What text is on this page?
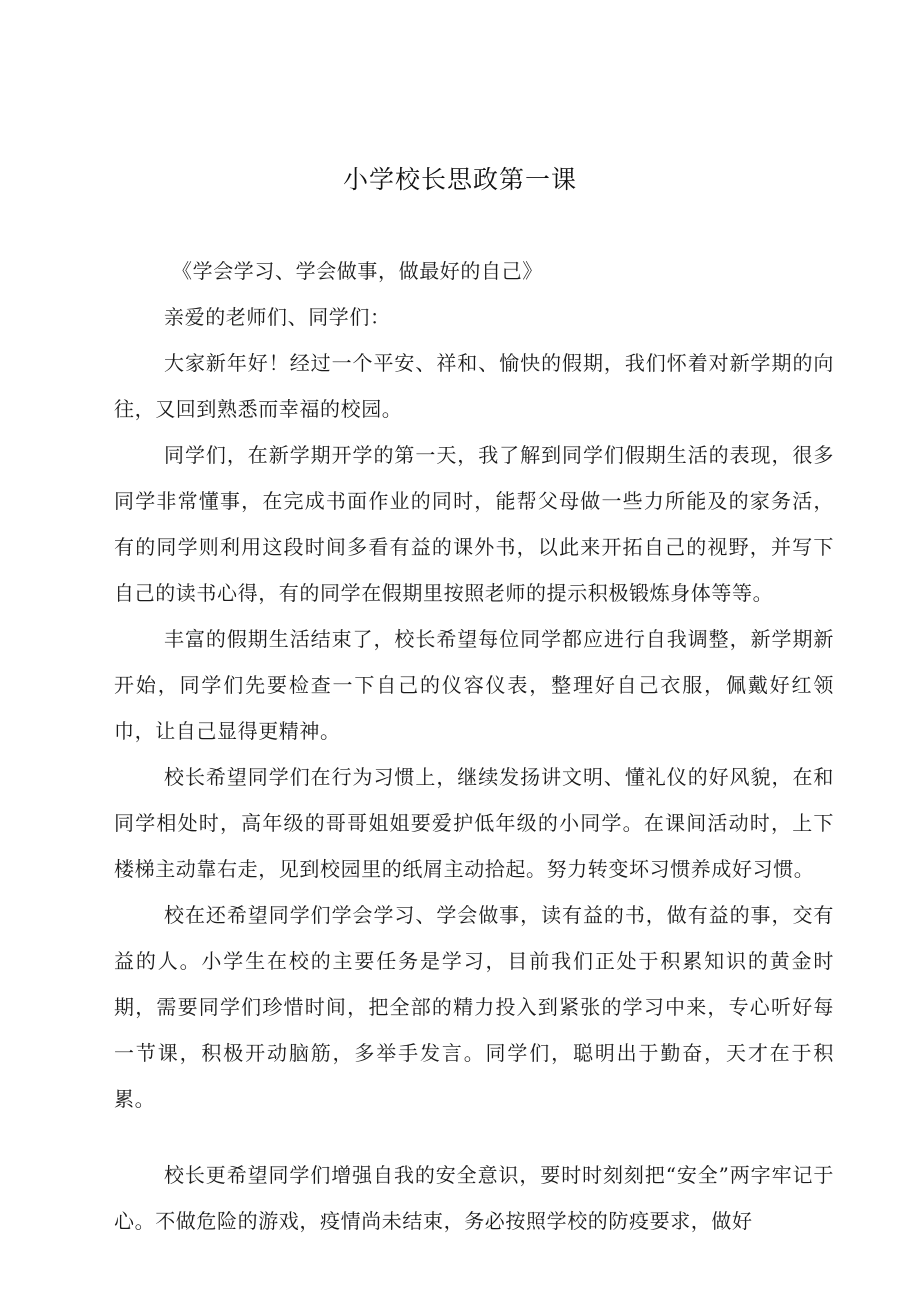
小学校长思政第一课

《学会学习、学会做事，做最好的自己》

亲爱的老师们、同学们：

大家新年好！经过一个平安、祥和、愉快的假期，我们怀着对新学期的向往，又回到熟悉而幸福的校园。

同学们，在新学期开学的第一天，我了解到同学们假期生活的表现，很多同学非常懂事，在完成书面作业的同时，能帮父母做一些力所能及的家务活，有的同学则利用这段时间多看有益的课外书，以此来开拓自己的视野，并写下自己的读书心得，有的同学在假期里按照老师的提示积极锻炼身体等等。

丰富的假期生活结束了，校长希望每位同学都应进行自我调整，新学期新开始，同学们先要检查一下自己的仪容仪表，整理好自己衣服，佩戴好红领巾，让自己显得更精神。

校长希望同学们在行为习惯上，继续发扬讲文明、懂礼仪的好风貌，在和同学相处时，高年级的哥哥姐姐要爱护低年级的小同学。在课间活动时，上下楼梯主动靠右走，见到校园里的纸屑主动拾起。努力转变坏习惯养成好习惯。

校在还希望同学们学会学习、学会做事，读有益的书，做有益的事，交有益的人。小学生在校的主要任务是学习，目前我们正处于积累知识的黄金时期，需要同学们珍惜时间，把全部的精力投入到紧张的学习中来，专心听好每一节课，积极开动脑筋，多举手发言。同学们，聪明出于勤奋，天才在于积累。

校长更希望同学们增强自我的安全意识，要时时刻刻把“安全”两字牢记于心。不做危险的游戏，疫情尚未结束，务必按照学校的防疫要求，做好
